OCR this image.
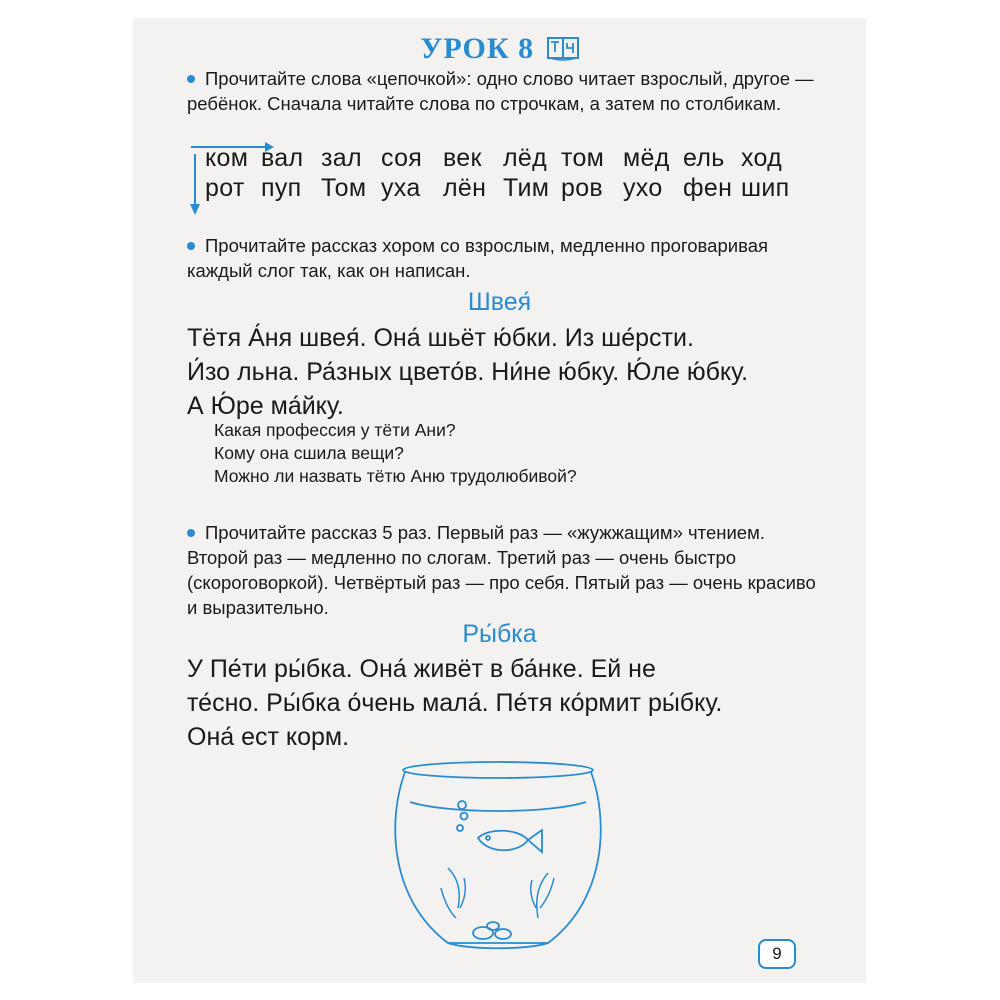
УРОК 8
Прочитайте слова «цепочкой»: одно слово читает взрослый, другое — ребёнок. Сначала читайте слова по строчкам, а затем по столбикам.
ком вал зал соя век лёд том мёд ель ход
рот пуп Том уха лён Тим ров ухо фен шип
Прочитайте рассказ хором со взрослым, медленно проговаривая каждый слог так, как он написан.
Швея́
Тётя А́ня швея́. Она́ шьёт ю́бки. Из ше́рсти.
И́зо льна. Ра́зных цвето́в. Ни́не ю́бку. Ю́ле ю́бку.
А Ю́ре ма́йку.
Какая профессия у тёти Ани?
Кому она сшила вещи?
Можно ли назвать тётю Аню трудолюбивой?
Прочитайте рассказ 5 раз. Первый раз — «жужжащим» чтением. Второй раз — медленно по слогам. Третий раз — очень быстро (скороговоркой). Четвёртый раз — про себя. Пятый раз — очень красиво и выразительно.
Ры́бка
У Пе́ти ры́бка. Она́ живёт в ба́нке. Ей не
те́сно. Ры́бка о́чень мала́. Пе́тя ко́рмит ры́бку.
Она́ ест корм.
9
